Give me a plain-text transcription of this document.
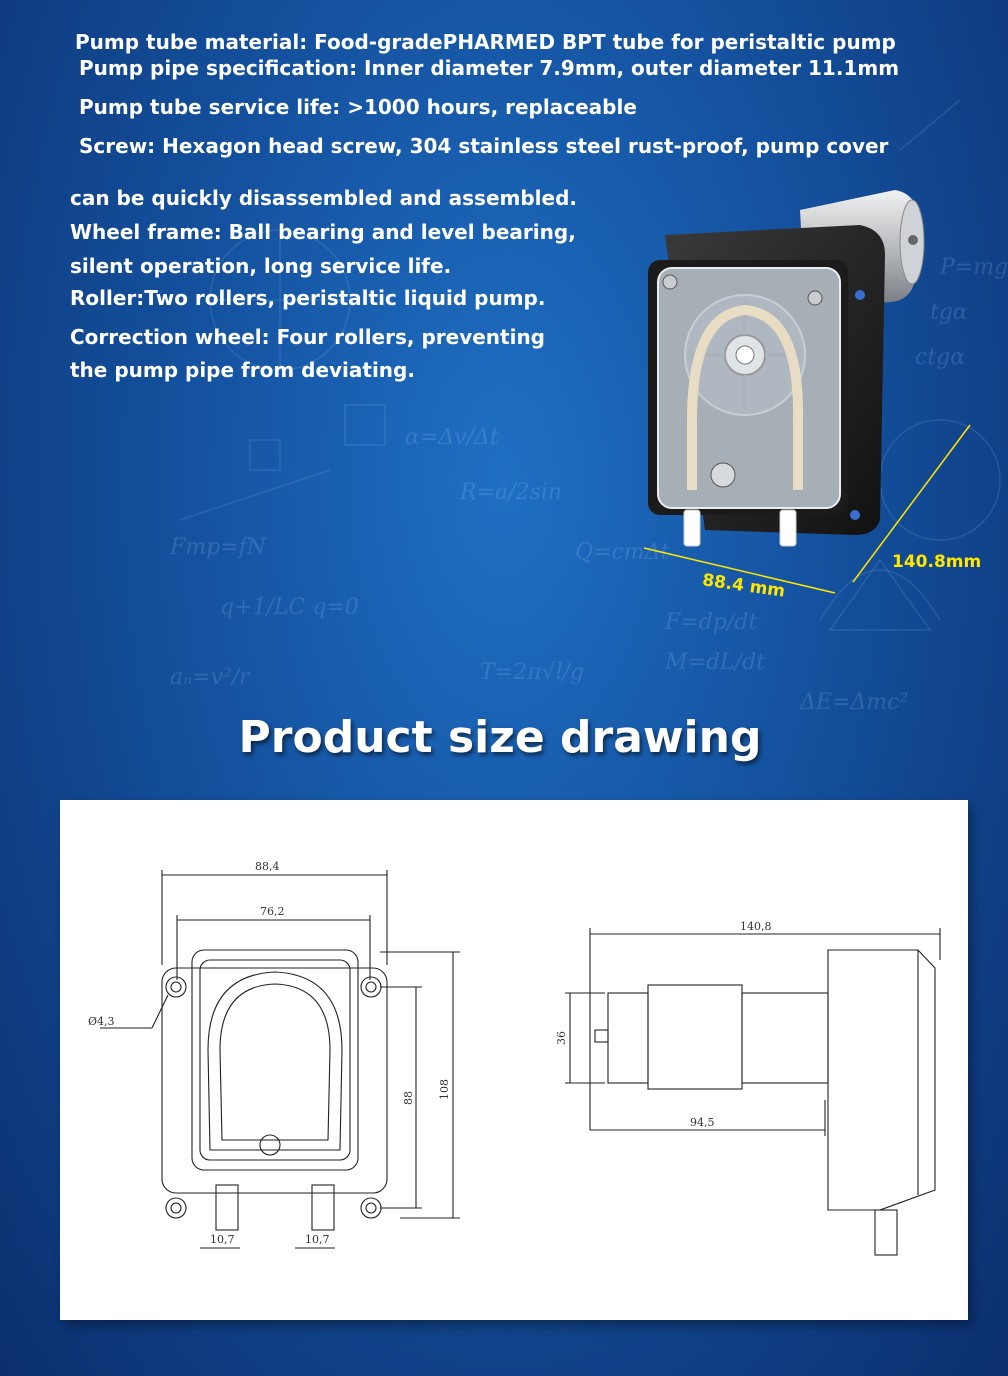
Fтр=fN	Q=cmΔt
R=a/2sin
ΔE=Δmc²
F=dp/dt
M=dL/dt
α=Δv/Δt
q+1/LC q=0
T=2π√l/g
aₙ=v²/r
tgα
ctgα
P=mg
Pump tube material: Food-gradePHARMED BPT tube for peristaltic pump
Pump pipe specification: Inner diameter 7.9mm, outer diameter 11.1mm
Pump tube service life: >1000 hours, replaceable
Screw: Hexagon head screw, 304 stainless steel rust-proof, pump cover
can be quickly disassembled and assembled.
Wheel frame: Ball bearing and level bearing,
silent operation, long service life.
Roller:Two rollers, peristaltic liquid pump.
Correction wheel: Four rollers, preventing
the pump pipe from deviating.
88.4 mm
140.8mm
Product size drawing
88,4
76,2
Ø4,3
108
88
10,7	10,7
140,8
94,5
36
